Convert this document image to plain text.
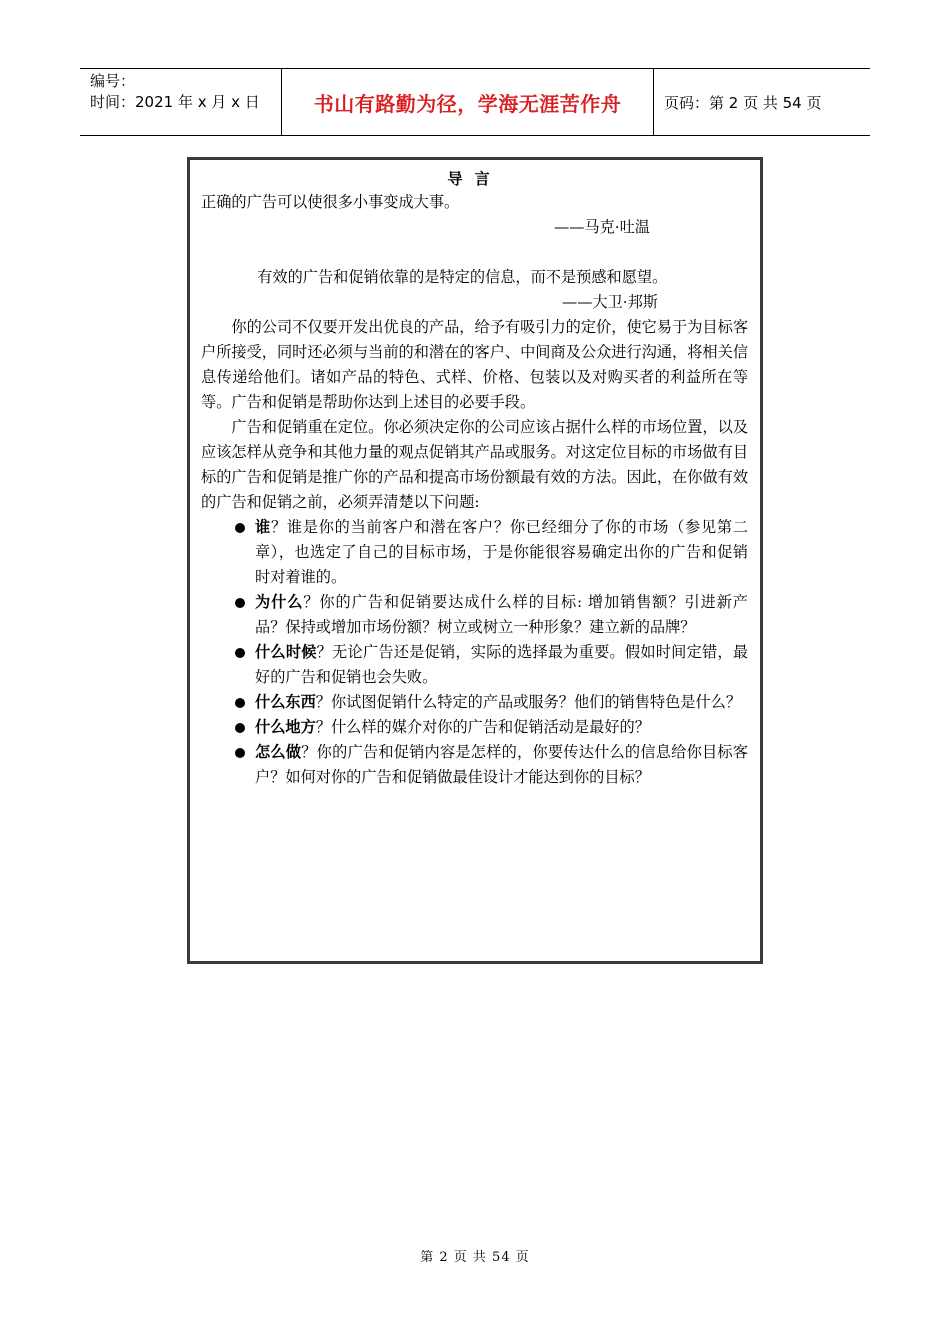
编号：
时间：2021 年 x 月 x 日	书山有路勤为径，学海无涯苦作舟	页码：第 2 页 共 54 页
导言

正确的广告可以使很多小事变成大事。

——马克·吐温

有效的广告和促销依靠的是特定的信息，而不是预感和愿望。

——大卫·邦斯

你的公司不仅要开发出优良的产品，给予有吸引力的定价，使它易于为目标客户所接受，同时还必须与当前的和潜在的客户、中间商及公众进行沟通，将相关信息传递给他们。诸如产品的特色、式样、价格、包装以及对购买者的利益所在等等。广告和促销是帮助你达到上述目的必要手段。

广告和促销重在定位。你必须决定你的公司应该占据什么样的市场位置，以及应该怎样从竞争和其他力量的观点促销其产品或服务。对这定位目标的市场做有目标的广告和促销是推广你的产品和提高市场份额最有效的方法。因此，在你做有效的广告和促销之前，必须弄清楚以下问题:

谁？谁是你的当前客户和潜在客户？你已经细分了你的市场（参见第二章），也选定了自己的目标市场，于是你能很容易确定出你的广告和促销时对着谁的。
为什么？你的广告和促销要达成什么样的目标: 增加销售额？引进新产品？保持或增加市场份额？树立或树立一种形象？建立新的品牌？
什么时候？无论广告还是促销，实际的选择最为重要。假如时间定错，最好的广告和促销也会失败。
什么东西？你试图促销什么特定的产品或服务？他们的销售特色是什么？
什么地方？什么样的媒介对你的广告和促销活动是最好的？
怎么做？你的广告和促销内容是怎样的，你要传达什么的信息给你目标客户？如何对你的广告和促销做最佳设计才能达到你的目标？
第 2 页 共 54 页
